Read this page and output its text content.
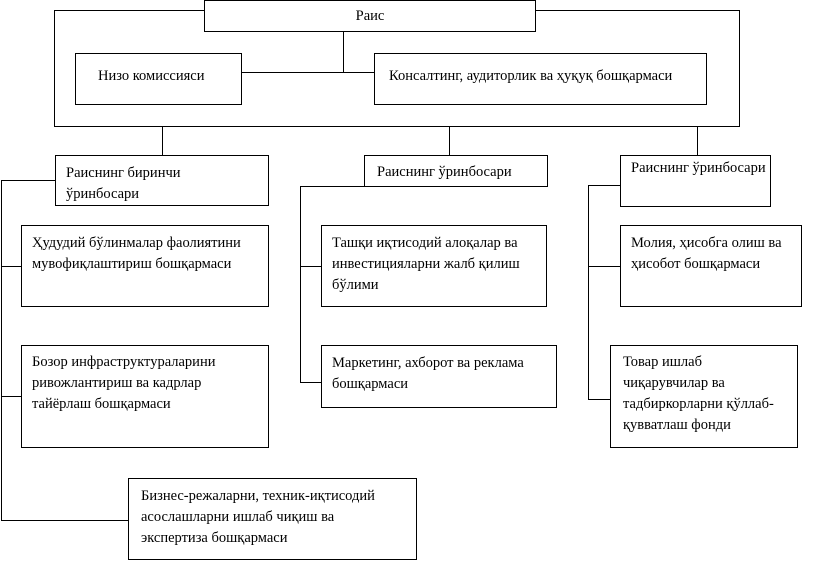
Раис
Низо комиссияси	Консалтинг, аудиторлик ва ҳуқуқ бошқармаси
Раиснинг биринчи ўринбосари
Раиснинг ўринбосари	Раиснинг ўринбосари
Ҳудудий бўлинмалар фаолиятини мувофиқлаштириш бошқармаси
Бозор инфраструктураларини ривожлантириш ва кадрлар тайёрлаш бошқармаси
Бизнес-режаларни, техник-иқтисодий асослашларни ишлаб чиқиш ва экспертиза бошқармаси
Ташқи иқтисодий алоқалар ва инвестицияларни жалб қилиш бўлими
Маркетинг, ахборот ва реклама бошқармаси
Молия, ҳисобга олиш ва ҳисобот бошқармаси
Товар ишлаб чиқарувчилар ва тадбиркорларни қўллаб-қувватлаш фонди
